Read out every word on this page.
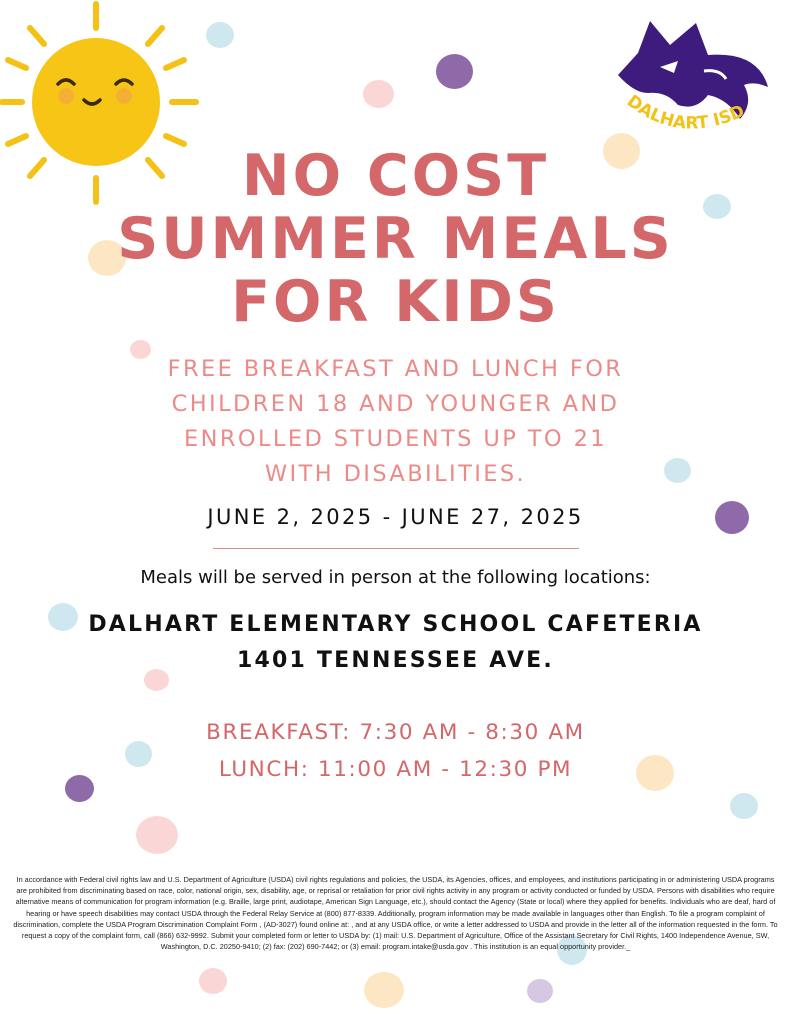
DALHART ISD
NO COST
SUMMER MEALS
FOR KIDS
FREE BREAKFAST AND LUNCH FOR
CHILDREN 18 AND YOUNGER AND
ENROLLED STUDENTS UP TO 21
WITH DISABILITIES.
JUNE 2, 2025 - JUNE 27, 2025
Meals will be served in person at the following locations:
DALHART ELEMENTARY SCHOOL CAFETERIA
1401 TENNESSEE AVE.
BREAKFAST: 7:30 AM - 8:30 AM
LUNCH: 11:00 AM - 12:30 PM
In accordance with Federal civil rights law and U.S. Department of Agriculture (USDA) civil rights regulations and policies, the USDA, its Agencies, offices, and employees, and institutions participating in or administering USDA programs are prohibited from discriminating based on race, color, national origin, sex, disability, age, or reprisal or retaliation for prior civil rights activity in any program or activity conducted or funded by USDA. Persons with disabilities who require alternative means of communication for program information (e.g. Braille, large print, audiotape, American Sign Language, etc.), should contact the Agency (State or local) where they applied for benefits. Individuals who are deaf, hard of hearing or have speech disabilities may contact USDA through the Federal Relay Service at (800) 877-8339. Additionally, program information may be made available in languages other than English. To file a program complaint of discrimination, complete the USDA Program Discrimination Complaint Form , (AD-3027) found online at: , and at any USDA office, or write a letter addressed to USDA and provide in the letter all of the information requested in the form. To request a copy of the complaint form, call (866) 632-9992. Submit your completed form or letter to USDA by: (1) mail: U.S. Department of Agriculture, Office of the Assistant Secretary for Civil Rights, 1400 Independence Avenue, SW, Washington, D.C. 20250-9410; (2) fax: (202) 690-7442; or (3) email: program.intake@usda.gov . This institution is an equal opportunity provider._
